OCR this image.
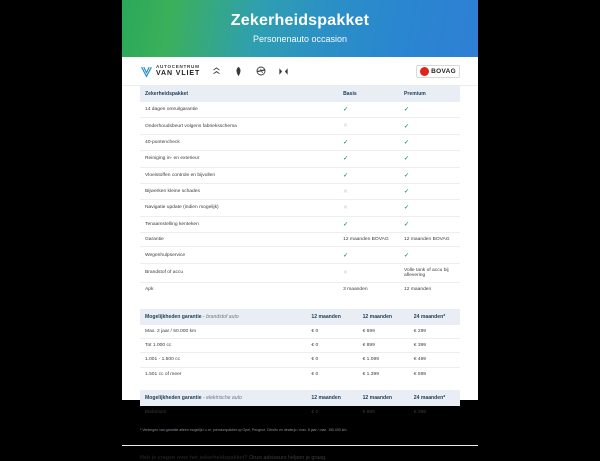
Zekerheidspakket
Personenauto occasion
AUTOCENTRUM
VAN VLIET	BOVAG
Zekerheidspakket	Basis	Premium
14 dagen omruilgarantie	✓	✓
Onderhoudsbeurt volgens fabrieksschema	✕	✓
40-puntencheck	✓	✓
Reiniging in- en exterieur	✓	✓
Vloeistoffen controle en bijvullen	✓	✓
Bijwerken kleine schades	✕	✓
Navigatie update (indien mogelijk)	✕	✓
Tenaamstelling kenteken	✓	✓
Garantie	12 maanden BOVAG	12 maanden BOVAG
Wegenhulpservice	✓	✓
Brandstof of accu	✕	Volle tank of accu bij aflevering
Apk	3 maanden	12 maanden
Mogelijkheden garantie - brandstof auto	12 maanden	12 maanden	24 maanden*
Max. 2 jaar / 50.000 km	€ 0	€ 699	€ 299
Tot 1.000 cc	€ 0	€ 899	€ 399
1.001 - 1.500 cc	€ 0	€ 1.099	€ 499
1.501 cc of meer	€ 0	€ 1.399	€ 599
Mogelijkheden garantie - elektrische auto	12 maanden	12 maanden	24 maanden*
Elektrisch	€ 0	€ 889	€ 399
* Verlengen van garantie alleen mogelijk i.c.m. premiumpakket op Opel, Peugeot, Citroën en dealerjo / max. 8 jaar / max. 150.000 km.
Heb je vragen over het zekerheidspakket? Onze adviseurs helpen je graag.
